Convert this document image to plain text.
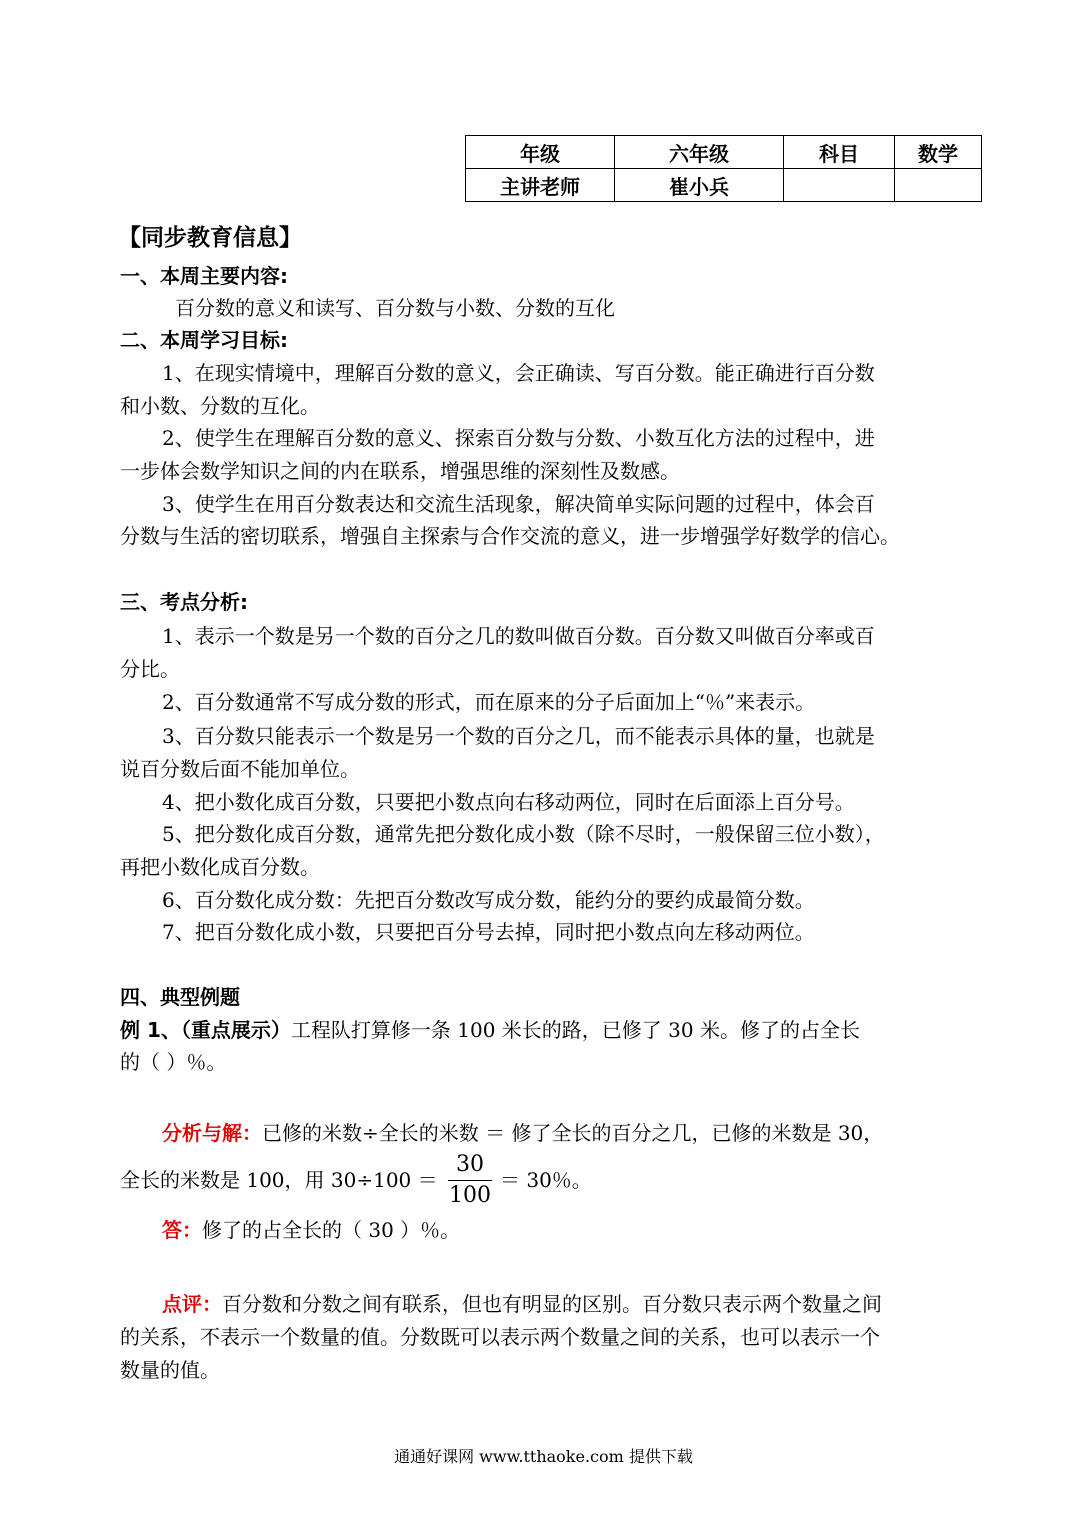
年级	六年级	科目	数学
主讲老师	崔小兵		
【同步教育信息】
一、本周主要内容:
百分数的意义和读写、百分数与小数、分数的互化
二、本周学习目标:
1、在现实情境中，理解百分数的意义，会正确读、写百分数。能正确进行百分数
和小数、分数的互化。
2、使学生在理解百分数的意义、探索百分数与分数、小数互化方法的过程中，进
一步体会数学知识之间的内在联系，增强思维的深刻性及数感。
3、使学生在用百分数表达和交流生活现象，解决简单实际问题的过程中，体会百
分数与生活的密切联系，增强自主探索与合作交流的意义，进一步增强学好数学的信心。
三、考点分析:
1、表示一个数是另一个数的百分之几的数叫做百分数。百分数又叫做百分率或百
分比。
2、百分数通常不写成分数的形式，而在原来的分子后面加上“％”来表示。
3、百分数只能表示一个数是另一个数的百分之几，而不能表示具体的量，也就是
说百分数后面不能加单位。
4、把小数化成百分数，只要把小数点向右移动两位，同时在后面添上百分号。
5、把分数化成百分数，通常先把分数化成小数（除不尽时，一般保留三位小数），
再把小数化成百分数。
6、百分数化成分数：先把百分数改写成分数，能约分的要约成最简分数。
7、把百分数化成小数，只要把百分号去掉，同时把小数点向左移动两位。
四、典型例题
例 1、（重点展示）工程队打算修一条 100 米长的路，已修了 30 米。修了的占全长
的（ ）％。
分析与解：已修的米数÷全长的米数 ＝ 修了全长的百分之几，已修的米数是 30，
全长的米数是 100，用 30÷100 ＝
30
100
＝ 30％。
答：修了的占全长的（ 30 ）％。
点评：百分数和分数之间有联系，但也有明显的区别。百分数只表示两个数量之间
的关系，不表示一个数量的值。分数既可以表示两个数量之间的关系，也可以表示一个
数量的值。
通通好课网 www.tthaoke.com 提供下载
